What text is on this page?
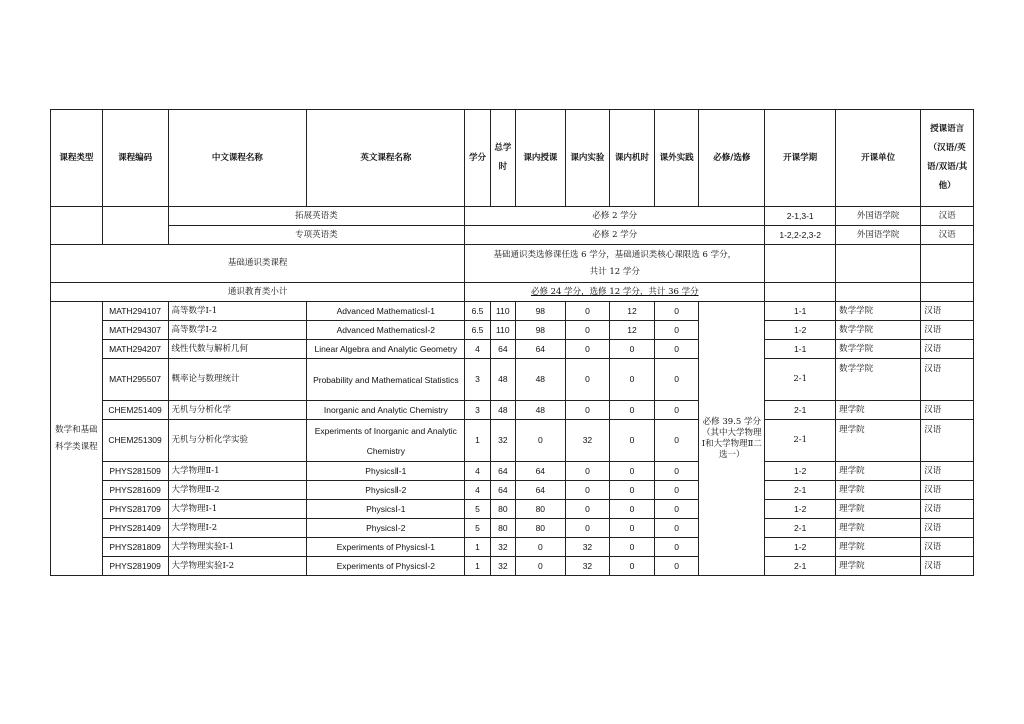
课程类型	课程编码	中文课程名称	英文课程名称	学分	总学时	课内授课	课内实验	课内机时	课外实践	必修/选修	开课学期	开课单位	授课语言（汉语/英语/双语/其他）
		拓展英语类		必修 2 学分							2-1,3-1	外国语学院	汉语
		专项英语类		必修 2 学分							1-2,2-2,3-2	外国语学院	汉语
基础通识类课程				基础通识类选修课任选 6 学分，基础通识类核心课限选 6 学分，
共计 12 学分									

通识教育类小计				必修 24 学分，选修 12 学分，共计 36 学分									
数学和基础科学类课程	MATH294107	高等数学Ⅰ-1	Advanced MathematicsⅠ-1	6.5	110	98	0	12	0	必修 39.5 学分（其中大学物理Ⅰ和大学物理Ⅱ二选一）	1-1	数学学院	汉语
	MATH294307	高等数学Ⅰ-2	Advanced MathematicsⅠ-2	6.5	110	98	0	12	0		1-2	数学学院	汉语
	MATH294207	线性代数与解析几何	Linear Algebra and Analytic Geometry	4	64	64	0	0	0		1-1	数学学院	汉语
	MATH295507	概率论与数理统计	Probability and Mathematical Statistics	3	48	48	0	0	0		2-1	数学学院	汉语
	CHEM251409	无机与分析化学	Inorganic and Analytic Chemistry	3	48	48	0	0	0		2-1	理学院	汉语
	CHEM251309	无机与分析化学实验	Experiments of Inorganic and Analytic Chemistry	1	32	0	32	0	0		2-1	理学院	汉语
	PHYS281509	大学物理Ⅱ-1	PhysicsⅡ-1	4	64	64	0	0	0		1-2	理学院	汉语
	PHYS281609	大学物理Ⅱ-2	PhysicsⅡ-2	4	64	64	0	0	0		2-1	理学院	汉语
	PHYS281709	大学物理Ⅰ-1	PhysicsⅠ-1	5	80	80	0	0	0		1-2	理学院	汉语
	PHYS281409	大学物理Ⅰ-2	PhysicsⅠ-2	5	80	80	0	0	0		2-1	理学院	汉语
	PHYS281809	大学物理实验Ⅰ-1	Experiments of PhysicsⅠ-1	1	32	0	32	0	0		1-2	理学院	汉语
	PHYS281909	大学物理实验Ⅰ-2	Experiments of PhysicsⅠ-2	1	32	0	32	0	0		2-1	理学院	汉语
